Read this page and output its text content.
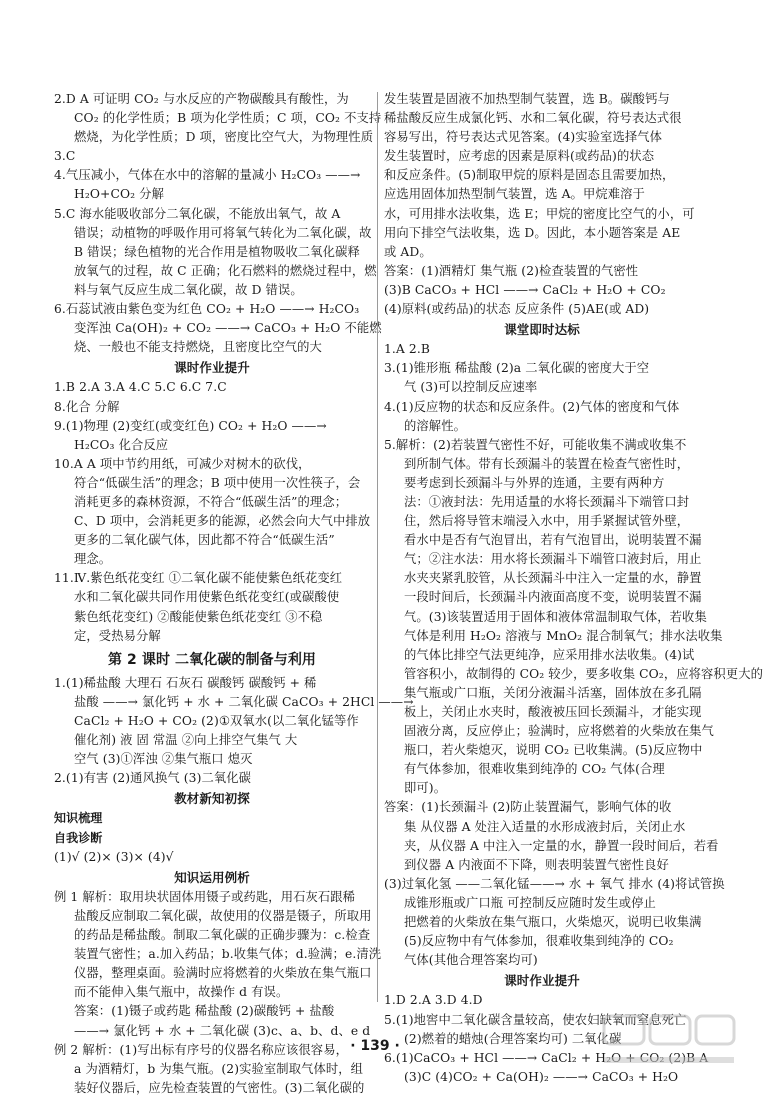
2.D A 可证明 CO₂ 与水反应的产物碳酸具有酸性，为
CO₂ 的化学性质；B 项为化学性质；C 项，CO₂ 不支持
燃烧，为化学性质；D 项，密度比空气大，为物理性质
3.C
4.气压减小，气体在水中的溶解的量减小 H₂CO₃ ——→
H₂O+CO₂ 分解
5.C 海水能吸收部分二氧化碳，不能放出氧气，故 A
错误；动植物的呼吸作用可将氧气转化为二氧化碳，故
B 错误；绿色植物的光合作用是植物吸收二氧化碳释
放氧气的过程，故 C 正确；化石燃料的燃烧过程中，燃
料与氧气反应生成二氧化碳，故 D 错误。
6.石蕊试液由紫色变为红色 CO₂ + H₂O ——→ H₂CO₃
变浑浊 Ca(OH)₂ + CO₂ ——→ CaCO₃ + H₂O 不能燃
烧、一般也不能支持燃烧，且密度比空气的大
课时作业提升
1.B 2.A 3.A 4.C 5.C 6.C 7.C
8.化合 分解
9.(1)物理 (2)变红(或变红色) CO₂ + H₂O ——→
H₂CO₃ 化合反应
10.A A 项中节约用纸，可减少对树木的砍伐，
符合“低碳生活”的理念；B 项中使用一次性筷子，会
消耗更多的森林资源，不符合“低碳生活”的理念；
C、D 项中，会消耗更多的能源，必然会向大气中排放
更多的二氧化碳气体，因此都不符合“低碳生活”
理念。
11.Ⅳ.紫色纸花变红 ①二氧化碳不能使紫色纸花变红
水和二氧化碳共同作用使紫色纸花变红(或碳酸使
紫色纸花变红) ②酸能使紫色纸花变红 ③不稳
定，受热易分解
第 2 课时 二氧化碳的制备与利用
1.(1)稀盐酸 大理石 石灰石 碳酸钙 碳酸钙 + 稀
盐酸 ——→ 氯化钙 + 水 + 二氧化碳 CaCO₃ + 2HCl ——→
CaCl₂ + H₂O + CO₂ (2)①双氧水(以二氧化锰等作
催化剂) 液 固 常温 ②向上排空气集气 大
空气 (3)①浑浊 ②集气瓶口 熄灭
2.(1)有害 (2)通风换气 (3)二氧化碳
教材新知初探
知识梳理
自我诊断
(1)√ (2)× (3)× (4)√
知识运用例析
例 1 解析：取用块状固体用镊子或药匙，用石灰石跟稀
盐酸反应制取二氧化碳，故使用的仪器是镊子，所取用
的药品是稀盐酸。制取二氧化碳的正确步骤为：c.检查
装置气密性；a.加入药品；b.收集气体；d.验满；e.清洗
仪器，整理桌面。验满时应将燃着的火柴放在集气瓶口
而不能伸入集气瓶中，故操作 d 有误。
答案：(1)镊子或药匙 稀盐酸 (2)碳酸钙 + 盐酸
——→ 氯化钙 + 水 + 二氧化碳 (3)c、a、b、d、e d
例 2 解析：(1)写出标有序号的仪器名称应该很容易，
a 为酒精灯，b 为集气瓶。(2)实验室制取气体时，组
装好仪器后，应先检查装置的气密性。(3)二氧化碳的
发生装置是固液不加热型制气装置，选 B。碳酸钙与
稀盐酸反应生成氯化钙、水和二氧化碳，符号表达式很
容易写出，符号表达式见答案。(4)实验室选择气体
发生装置时，应考虑的因素是原料(或药品)的状态
和反应条件。(5)制取甲烷的原料是固态且需要加热，
应选用固体加热型制气装置，选 A。甲烷难溶于
水，可用排水法收集，选 E；甲烷的密度比空气的小，可
用向下排空气法收集，选 D。因此，本小题答案是 AE
或 AD。
答案：(1)酒精灯 集气瓶 (2)检查装置的气密性
(3)B CaCO₃ + HCl ——→ CaCl₂ + H₂O + CO₂
(4)原料(或药品)的状态 反应条件 (5)AE(或 AD)
课堂即时达标
1.A 2.B
3.(1)锥形瓶 稀盐酸 (2)a 二氧化碳的密度大于空
气 (3)可以控制反应速率
4.(1)反应物的状态和反应条件。(2)气体的密度和气体
的溶解性。
5.解析：(2)若装置气密性不好，可能收集不满或收集不
到所制气体。带有长颈漏斗的装置在检查气密性时，
要考虑到长颈漏斗与外界的连通，主要有两种方
法：①液封法：先用适量的水将长颈漏斗下端管口封
住，然后将导管末端浸入水中，用手紧握试管外壁，
看水中是否有气泡冒出，若有气泡冒出，说明装置不漏
气；②注水法：用水将长颈漏斗下端管口液封后，用止
水夹夹紧乳胶管，从长颈漏斗中注入一定量的水，静置
一段时间后，长颈漏斗内液面高度不变，说明装置不漏
气。(3)该装置适用于固体和液体常温制取气体，若收集
气体是利用 H₂O₂ 溶液与 MnO₂ 混合制氧气；排水法收集
的气体比排空气法更纯净，应采用排水法收集。(4)试
管容积小，故制得的 CO₂ 较少，要多收集 CO₂，应将容积更大的
集气瓶或广口瓶，关闭分液漏斗活塞，固体放在多孔隔
板上，关闭止水夹时，酸液被压回长颈漏斗，才能实现
固液分离，反应停止；验满时，应将燃着的火柴放在集气
瓶口，若火柴熄灭，说明 CO₂ 已收集满。(5)反应物中
有气体参加，很难收集到纯净的 CO₂ 气体(合理
即可)。
答案：(1)长颈漏斗 (2)防止装置漏气，影响气体的收
集 从仪器 A 处注入适量的水形成液封后，关闭止水
夹，从仪器 A 中注入一定量的水，静置一段时间后，若看
到仪器 A 内液面不下降，则表明装置气密性良好
(3)过氧化氢 ——二氧化锰——→ 水 + 氧气 排水 (4)将试管换
成锥形瓶或广口瓶 可控制反应随时发生或停止
把燃着的火柴放在集气瓶口，火柴熄灭，说明已收集满
(5)反应物中有气体参加，很难收集到纯净的 CO₂
气体(其他合理答案均可)
课时作业提升
1.D 2.A 3.D 4.D
5.(1)地窖中二氧化碳含量较高，使农妇缺氧而窒息死亡
(2)燃着的蜡烛(合理答案均可) 二氧化碳
6.(1)CaCO₃ + HCl ——→ CaCl₂ + H₂O + CO₂ (2)B A
(3)C (4)CO₂ + Ca(OH)₂ ——→ CaCO₃ + H₂O
· 139 ·
